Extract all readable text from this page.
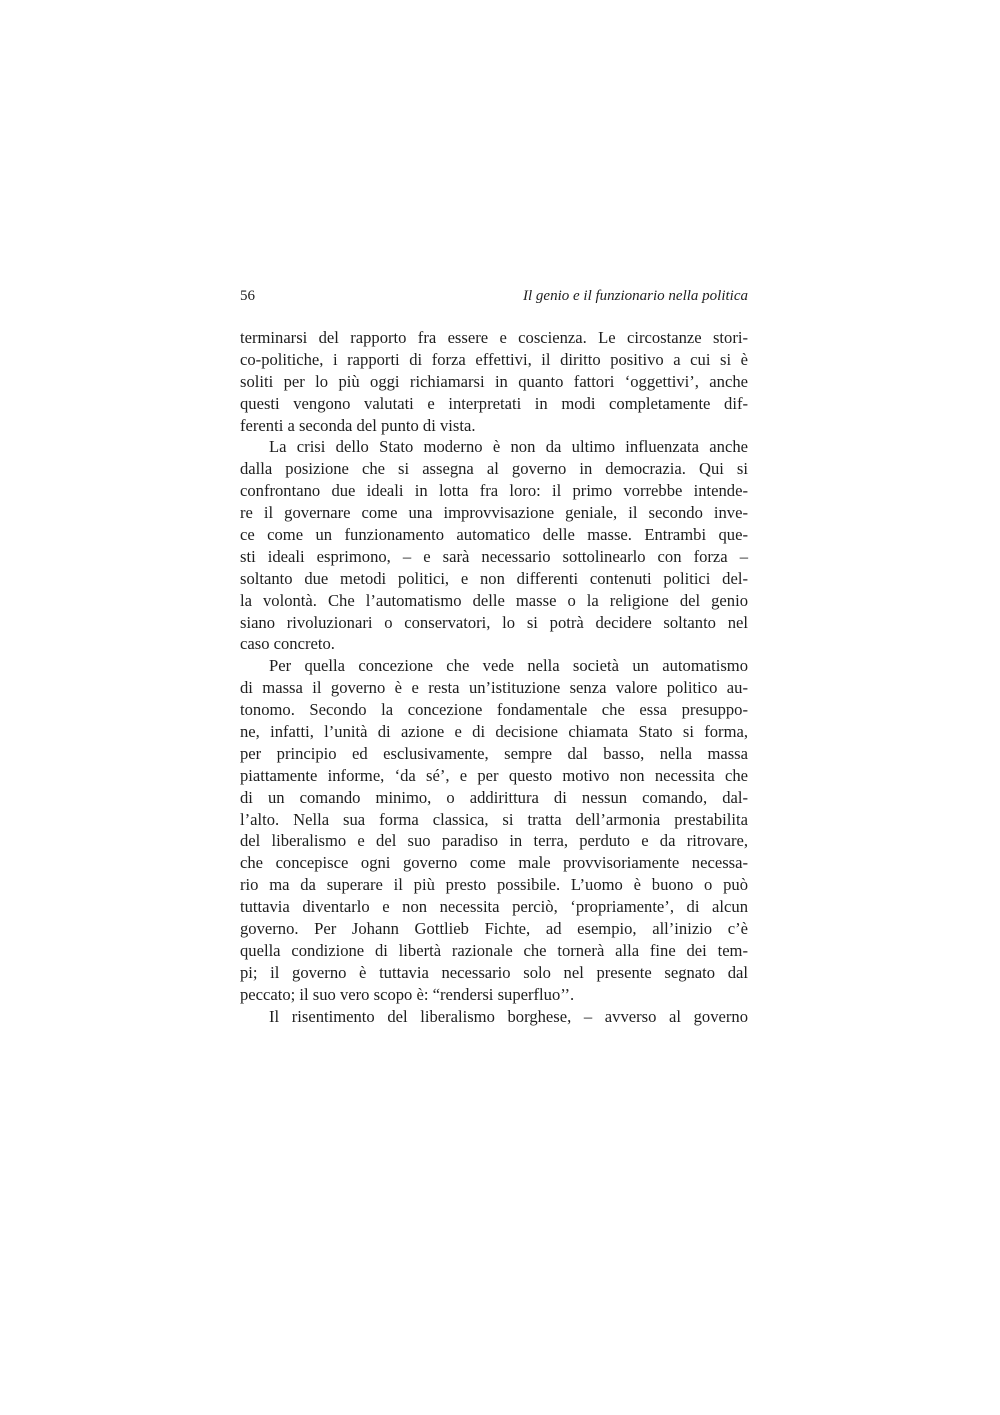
56	Il genio e il funzionario nella politica
terminarsi del rapporto fra essere e coscienza. Le circostanze stori-
co-politiche, i rapporti di forza effettivi, il diritto positivo a cui si è
soliti per lo più oggi richiamarsi in quanto fattori ‘oggettivi’, anche
questi vengono valutati e interpretati in modi completamente dif-
ferenti a seconda del punto di vista.
La crisi dello Stato moderno è non da ultimo influenzata anche
dalla posizione che si assegna al governo in democrazia. Qui si
confrontano due ideali in lotta fra loro: il primo vorrebbe intende-
re il governare come una improvvisazione geniale, il secondo inve-
ce come un funzionamento automatico delle masse. Entrambi que-
sti ideali esprimono, – e sarà necessario sottolinearlo con forza –
soltanto due metodi politici, e non differenti contenuti politici del-
la volontà. Che l’automatismo delle masse o la religione del genio
siano rivoluzionari o conservatori, lo si potrà decidere soltanto nel
caso concreto.
Per quella concezione che vede nella società un automatismo
di massa il governo è e resta un’istituzione senza valore politico au-
tonomo. Secondo la concezione fondamentale che essa presuppo-
ne, infatti, l’unità di azione e di decisione chiamata Stato si forma,
per principio ed esclusivamente, sempre dal basso, nella massa
piattamente informe, ‘da sé’, e per questo motivo non necessita che
di un comando minimo, o addirittura di nessun comando, dal-
l’alto. Nella sua forma classica, si tratta dell’armonia prestabilita
del liberalismo e del suo paradiso in terra, perduto e da ritrovare,
che concepisce ogni governo come male provvisoriamente necessa-
rio ma da superare il più presto possibile. L’uomo è buono o può
tuttavia diventarlo e non necessita perciò, ‘propriamente’, di alcun
governo. Per Johann Gottlieb Fichte, ad esempio, all’inizio c’è
quella condizione di libertà razionale che tornerà alla fine dei tem-
pi; il governo è tuttavia necessario solo nel presente segnato dal
peccato; il suo vero scopo è: “rendersi superfluo’’.
Il risentimento del liberalismo borghese, – avverso al governo
